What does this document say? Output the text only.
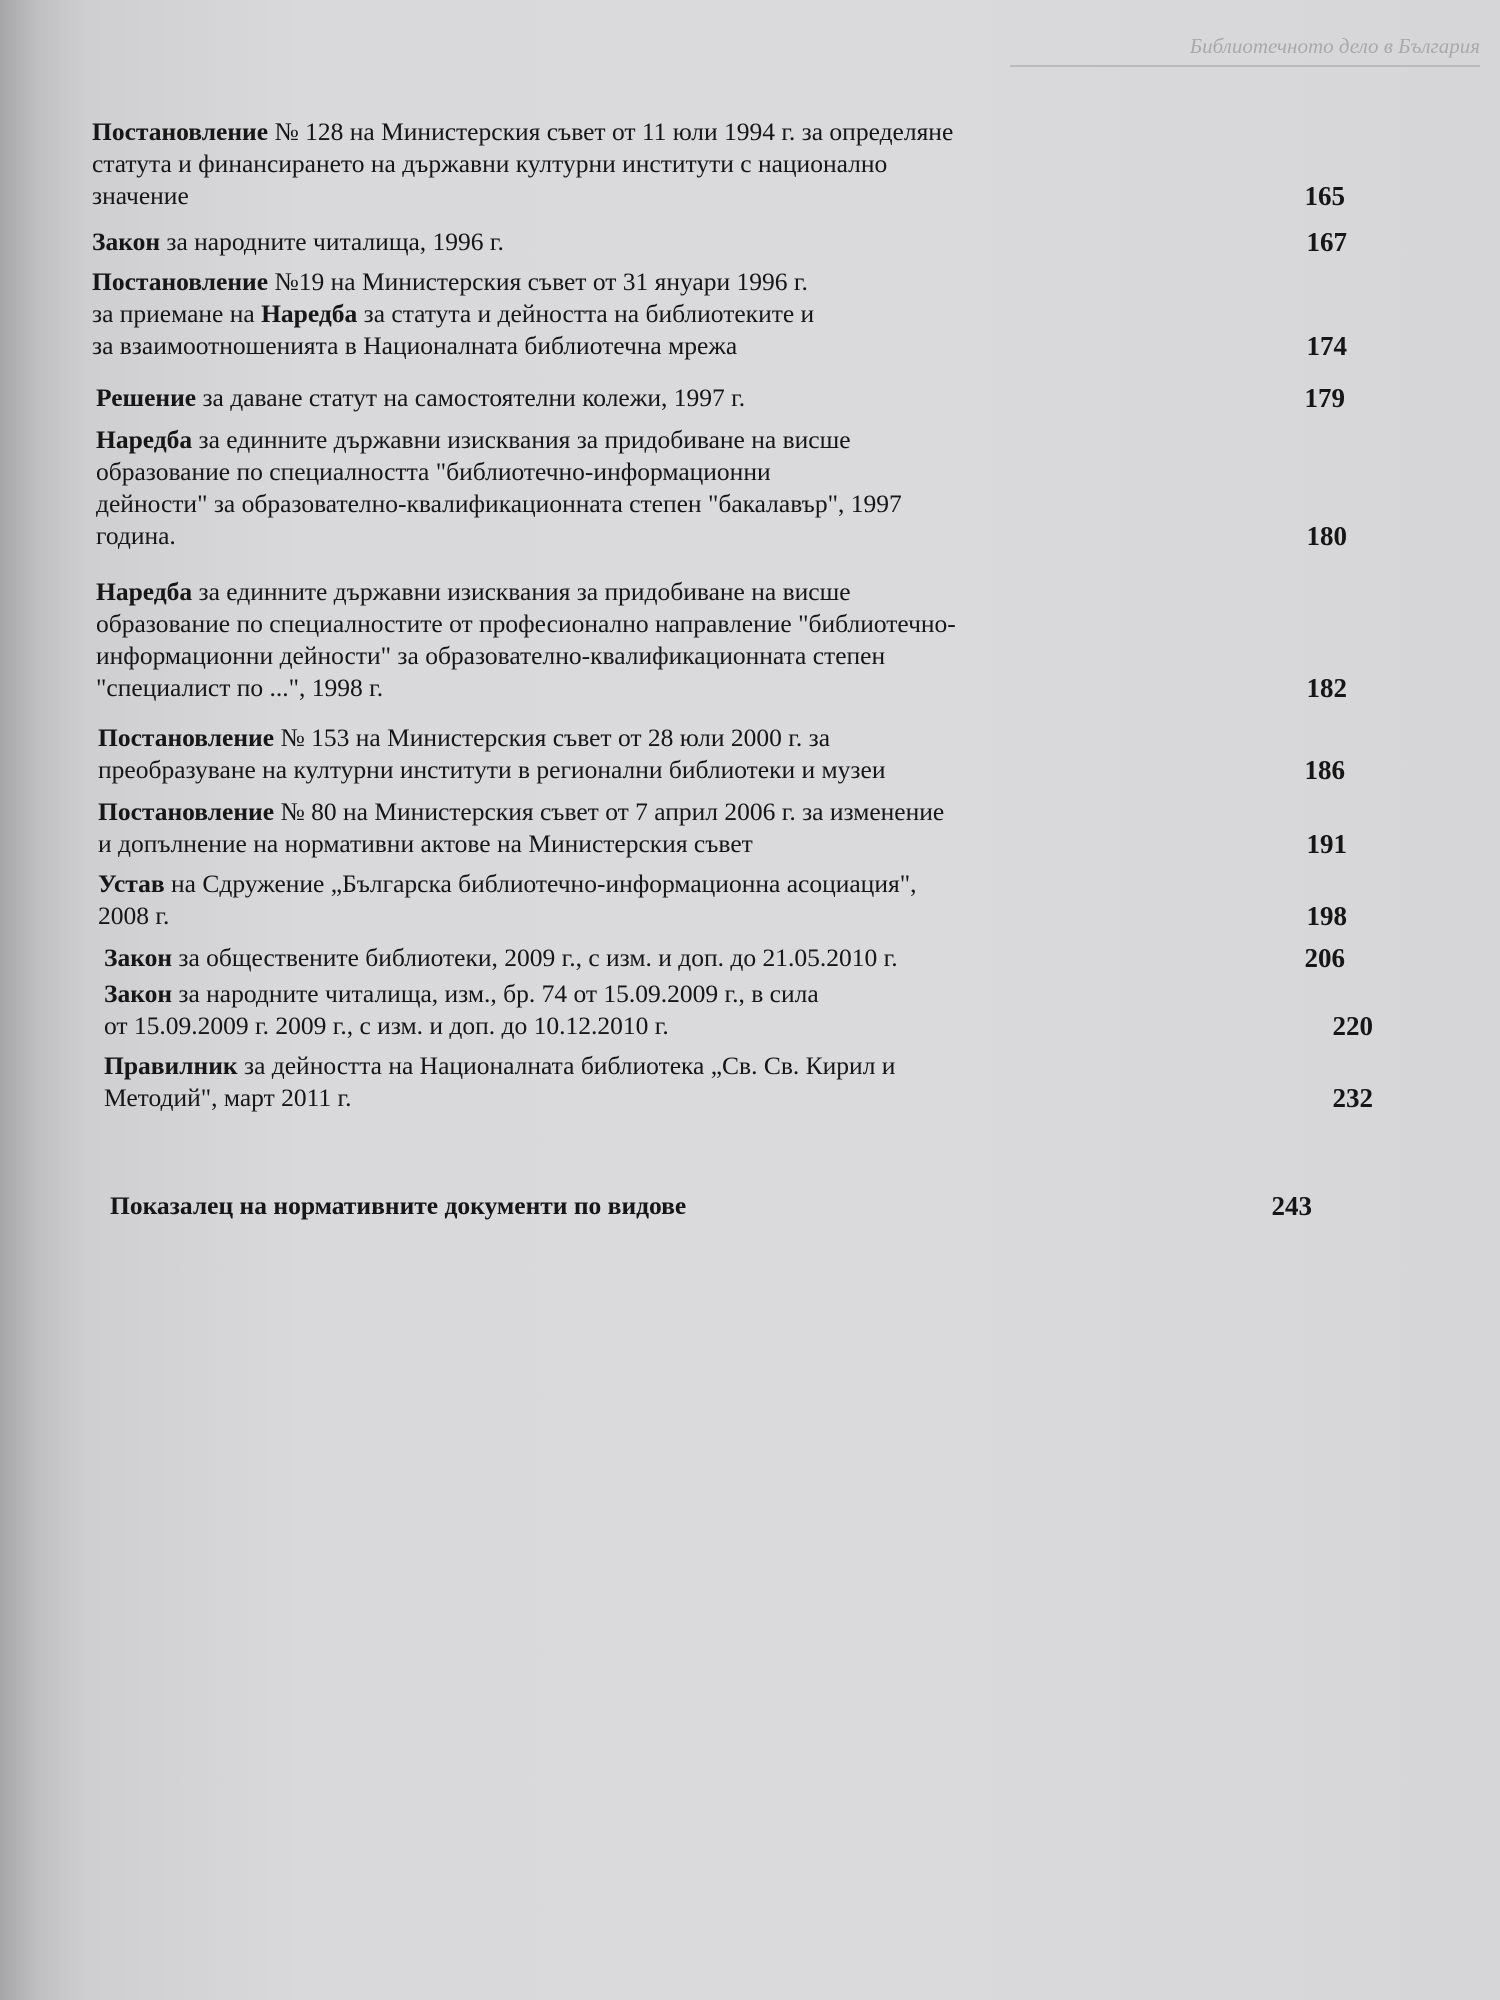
Библиотечното дело в България

Постановление № 128 на Министерския съвет от 11 юли 1994 г. за определяне
статута и финансирането на държавни културни институти с национално
значение	165
Закон за народните читалища, 1996 г.	167
Постановление №19 на Министерския съвет от 31 януари 1996 г.
за приемане на Наредба за статута и дейността на библиотеките и
за взаимоотношенията в Националната библиотечна мрежа	174
Решение за даване статут на самостоятелни колежи, 1997 г.	179
Наредба за единните държавни изисквания за придобиване на висше
образование по специалността "библиотечно-информационни
дейности" за образователно-квалификационната степен "бакалавър", 1997
година.	180
Наредба за единните държавни изисквания за придобиване на висше
образование по специалностите от професионално направление "библиотечно-
информационни дейности" за образователно-квалификационната степен
"специалист по ...", 1998 г.	182
Постановление № 153 на Министерския съвет от 28 юли 2000 г. за
преобразуване на културни институти в регионални библиотеки и музеи	186
Постановление № 80 на Министерския съвет от 7 април 2006 г. за изменение
и допълнение на нормативни актове на Министерския съвет	191
Устав на Сдружение „Българска библиотечно-информационна асоциация",
2008 г.	198
Закон за обществените библиотеки, 2009 г., с изм. и доп. до 21.05.2010 г.	206
Закон за народните читалища, изм., бр. 74 от 15.09.2009 г., в сила
от 15.09.2009 г. 2009 г., с изм. и доп. до 10.12.2010 г.	220
Правилник за дейността на Националната библиотека „Св. Св. Кирил и
Методий", март 2011 г.	232
Показалец на нормативните документи по видове	243
